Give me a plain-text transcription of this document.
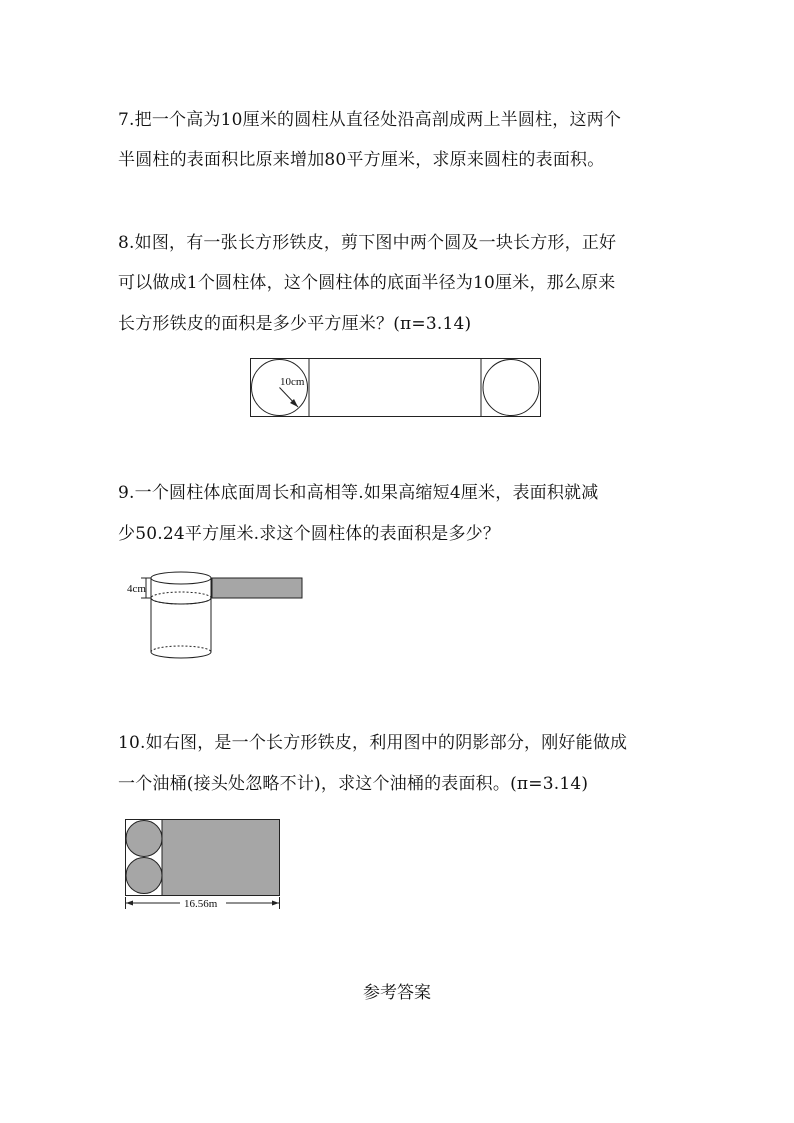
7.把一个高为10厘米的圆柱从直径处沿高剖成两上半圆柱，这两个
半圆柱的表面积比原来增加80平方厘米，求原来圆柱的表面积。
8.如图，有一张长方形铁皮，剪下图中两个圆及一块长方形，正好
可以做成1个圆柱体，这个圆柱体的底面半径为10厘米，那么原来
长方形铁皮的面积是多少平方厘米？(π=3.14)
10cm
9.一个圆柱体底面周长和高相等.如果高缩短4厘米，表面积就减
少50.24平方厘米.求这个圆柱体的表面积是多少？
4cm
10.如右图，是一个长方形铁皮，利用图中的阴影部分，刚好能做成
一个油桶(接头处忽略不计)，求这个油桶的表面积。(π=3.14)
16.56m
参考答案
